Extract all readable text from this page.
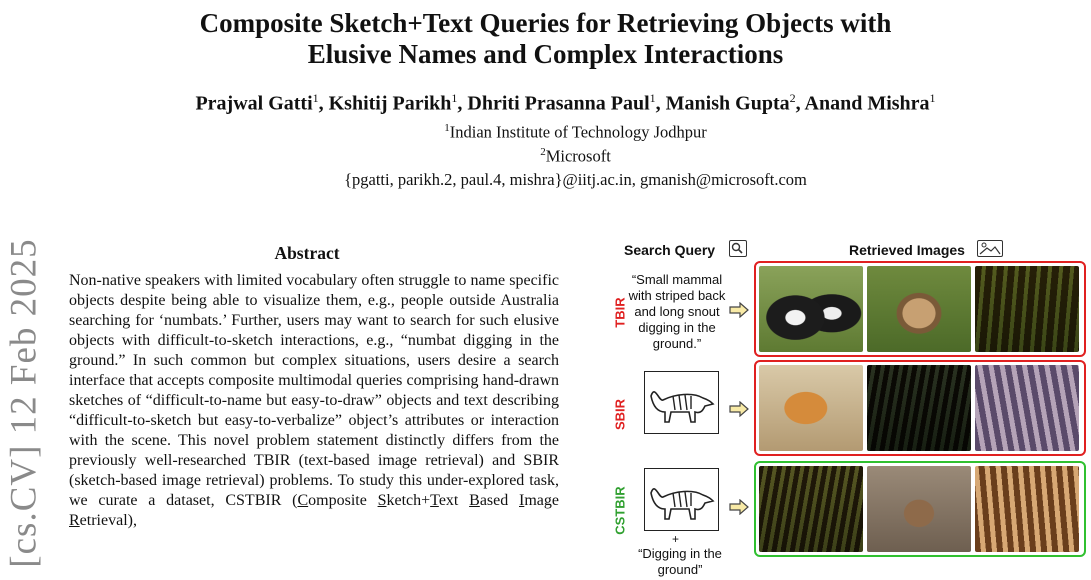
[cs.CV] 12 Feb 2025
Composite Sketch+Text Queries for Retrieving Objects with
Elusive Names and Complex Interactions
Prajwal Gatti$^1$, Kshitij Parikh$^1$, Dhriti Prasanna Paul$^1$, Manish Gupta$^2$, Anand Mishra$^1$
$^1$Indian Institute of Technology Jodhpur
$^2$Microsoft
{pgatti, parikh.2, paul.4, mishra}@iitj.ac.in, gmanish@microsoft.com
Abstract
Non-native speakers with limited vocabulary often struggle to name specific objects despite being able to visualize them, e.g., people outside Australia searching for ‘numbats.’ Further, users may want to search for such elusive objects with difficult-to-sketch interactions, e.g., “numbat digging in the ground.” In such common but complex situations, users desire a search interface that accepts composite multimodal queries comprising hand-drawn sketches of “difficult-to-name but easy-to-draw” objects and text describing “difficult-to-sketch but easy-to-verbalize” object’s attributes or interaction with the scene. This novel problem statement distinctly differs from the previously well-researched TBIR (text-based image retrieval) and SBIR (sketch-based image retrieval) problems. To study this under-explored task, we curate a dataset, CSTBIR (Composite Sketch+Text Based Image Retrieval),
Search Query	Retrieved Images
TBIR
“Small mammal with striped back and long snout digging in the ground.”
SBIR
CSTBIR
+
“Digging in the ground”
